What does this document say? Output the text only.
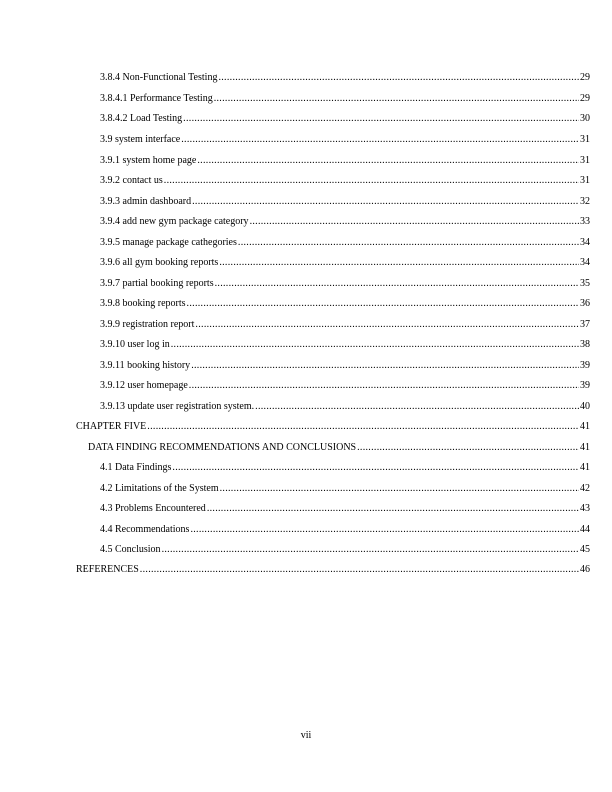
3.8.4 Non-Functional Testing .....	29
3.8.4.1 Performance Testing .....	29
3.8.4.2 Load Testing .....	30
3.9 system interface .....	31
3.9.1 system home page .....	31
3.9.2 contact us .....	31
3.9.3 admin dashboard .....	32
3.9.4 add new gym package category .....	33
3.9.5 manage package cathegories .....	34
3.9.6 all gym booking reports .....	34
3.9.7 partial booking reports .....	35
3.9.8 booking reports .....	36
3.9.9 registration report .....	37
3.9.10 user log in .....	38
3.9.11 booking history .....	39
3.9.12 user homepage .....	39
3.9.13 update user registration system. .....	40
CHAPTER FIVE .....	41
DATA FINDING RECOMMENDATIONS AND CONCLUSIONS .....	41
4.1 Data Findings .....	41
4.2 Limitations of the System .....	42
4.3 Problems Encountered .....	43
4.4 Recommendations .....	44
4.5 Conclusion .....	45
REFERENCES .....	46
vii
